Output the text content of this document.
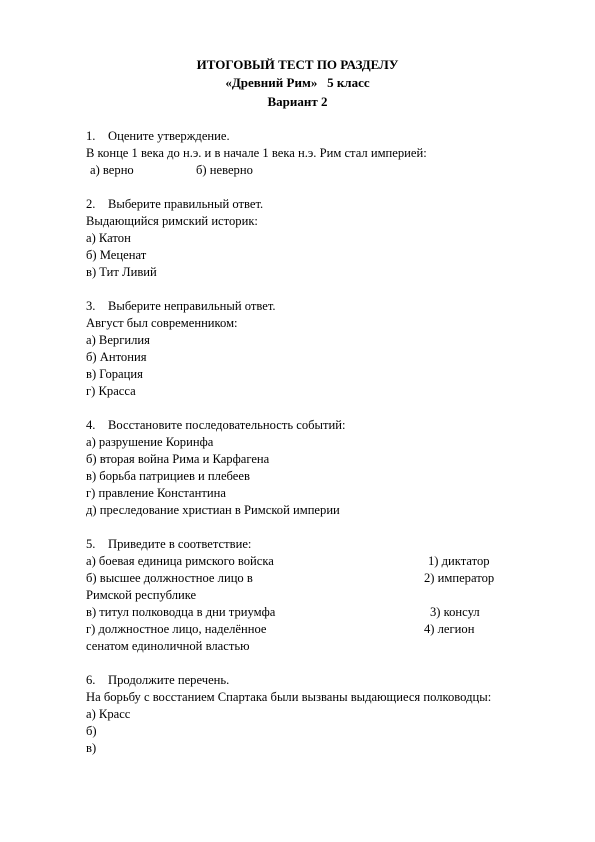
ИТОГОВЫЙ ТЕСТ ПО РАЗДЕЛУ
«Древний Рим»   5 класс
Вариант 2
1. Оцените утверждение.
В конце 1 века до н.э. и в начале 1 века н.э. Рим стал империей:
а) верно	б) неверно
2. Выберите правильный ответ.
Выдающийся римский историк:
а) Катон
б) Меценат
в) Тит Ливий
3. Выберите неправильный ответ.
Август был современником:
а) Вергилия
б) Антония
в) Горация
г) Красса
4. Восстановите последовательность событий:
а) разрушение Коринфа
б) вторая война Рима и Карфагена
в) борьба патрициев и плебеев
г) правление Константина
д) преследование христиан в Римской империи
5. Приведите в соответствие:
а) боевая единица римского войска	1) диктатор
б) высшее должностное лицо в	2) император
Римской республике
в) титул полководца в дни триумфа	3) консул
г) должностное лицо, наделённое	4) легион
сенатом единоличной властью
6. Продолжите перечень.
На борьбу с восстанием Спартака были вызваны выдающиеся полководцы:
а) Красс
б)
в)
